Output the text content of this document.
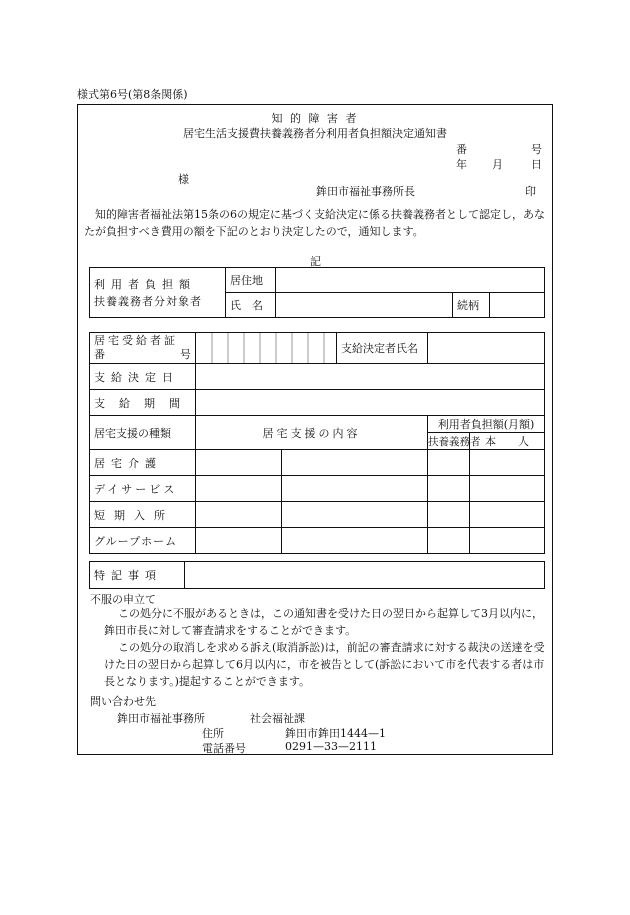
様式第6号(第8条関係)
知 的 障 害 者
居宅生活支援費扶養義務者分利用者負担額決定通知書
番	号
年 月	日
様
鉾田市福祉事務所長	印
知的障害者福祉法第15条の6の規定に基づく支給決定に係る扶養義務者として認定し，あなたが負担すべき費用の額を下記のとおり決定したので，通知します。
記
利用者負担額
扶養義務者分対象者	居住地			
	氏　名		続柄	
居宅受給者証
番 号			支給決定者氏名		
支給決定日					
支給期間					
居宅支援の種類	居宅支援の内容			利用者負担額(月額)	
				扶養義務者	本　　人
居宅介護					
デイサービス					
短期入所					
グループホーム					
特記事項	
不服の申立て
この処分に不服があるときは，この通知書を受けた日の翌日から起算して3月以内に，鉾田市長に対して審査請求をすることができます。
この処分の取消しを求める訴え(取消訴訟)は，前記の審査請求に対する裁決の送達を受けた日の翌日から起算して6月以内に，市を被告として(訴訟において市を代表する者は市長となります。)提起することができます。
問い合わせ先
鉾田市福祉事務所	社会福祉課
住所	鉾田市鉾田1444—1
電話番号	0291—33—2111
